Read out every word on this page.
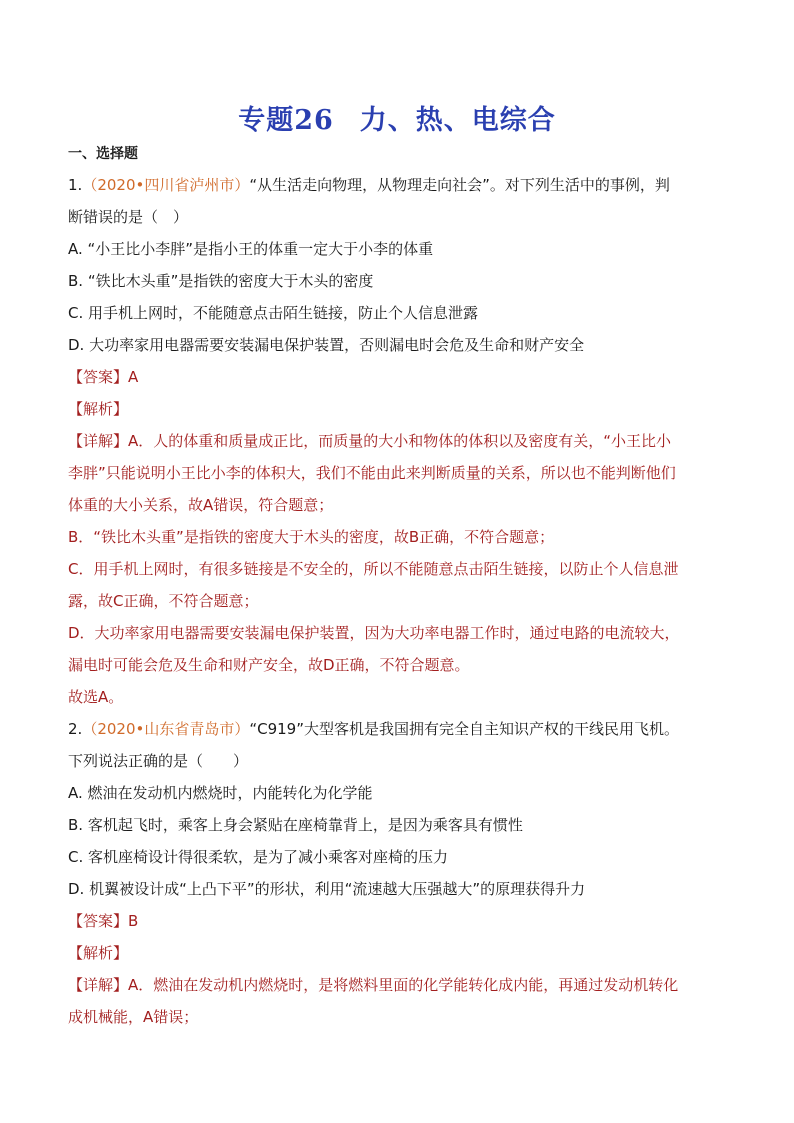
专题26 力、热、电综合
一、选择题
1.（2020•四川省泸州市）“从生活走向物理，从物理走向社会”。对下列生活中的事例，判
断错误的是（　）
A. “小王比小李胖”是指小王的体重一定大于小李的体重
B. “铁比木头重”是指铁的密度大于木头的密度
C. 用手机上网时，不能随意点击陌生链接，防止个人信息泄露
D. 大功率家用电器需要安装漏电保护装置，否则漏电时会危及生命和财产安全
【答案】A
【解析】
【详解】A．人的体重和质量成正比，而质量的大小和物体的体积以及密度有关，“小王比小
李胖”只能说明小王比小李的体积大，我们不能由此来判断质量的关系，所以也不能判断他们
体重的大小关系，故A错误，符合题意；
B．“铁比木头重”是指铁的密度大于木头的密度，故B正确，不符合题意；
C．用手机上网时，有很多链接是不安全的，所以不能随意点击陌生链接，以防止个人信息泄
露，故C正确，不符合题意；
D．大功率家用电器需要安装漏电保护装置，因为大功率电器工作时，通过电路的电流较大，
漏电时可能会危及生命和财产安全，故D正确，不符合题意。
故选A。
2.（2020•山东省青岛市）“C919”大型客机是我国拥有完全自主知识产权的干线民用飞机。
下列说法正确的是（　　）
A. 燃油在发动机内燃烧时，内能转化为化学能
B. 客机起飞时，乘客上身会紧贴在座椅靠背上，是因为乘客具有惯性
C. 客机座椅设计得很柔软，是为了减小乘客对座椅的压力
D. 机翼被设计成“上凸下平”的形状，利用“流速越大压强越大”的原理获得升力
【答案】B
【解析】
【详解】A．燃油在发动机内燃烧时，是将燃料里面的化学能转化成内能，再通过发动机转化
成机械能，A错误；
